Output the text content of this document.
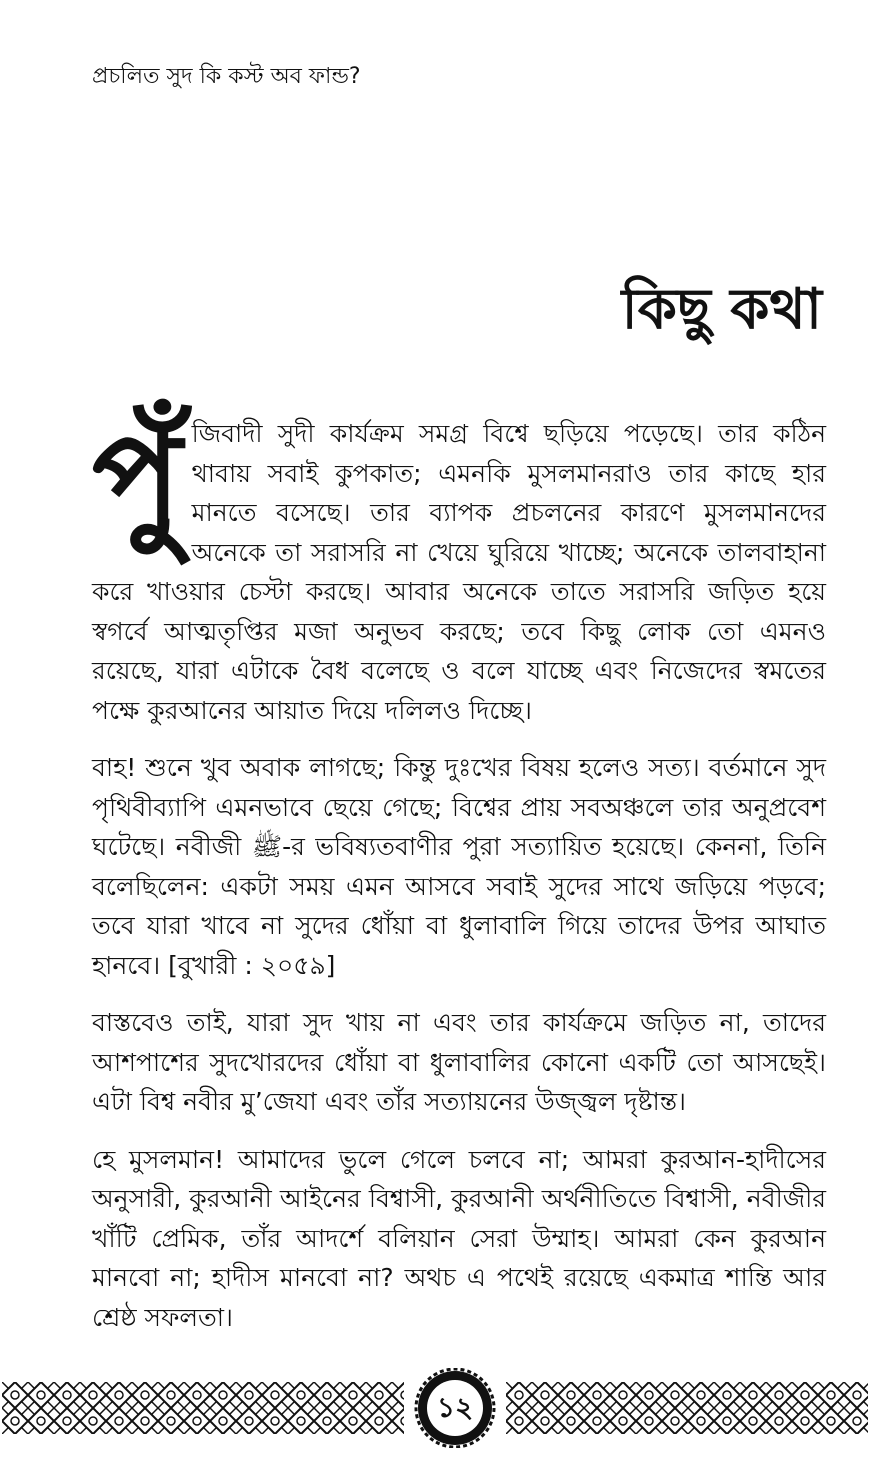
প্রচলিত সুদ কি কস্ট অব ফান্ড?
কিছু কথা

পুঁজিবাদী সুদী কার্যক্রম সমগ্র বিশ্বে ছড়িয়ে পড়েছে। তার কঠিন থাবায় সবাই কুপকাত; এমনকি মুসলমানরাও তার কাছে হার মানতে বসেছে। তার ব্যাপক প্রচলনের কারণে মুসলমানদের অনেকে তা সরাসরি না খেয়ে ঘুরিয়ে খাচ্ছে; অনেকে তালবাহানা করে খাওয়ার চেস্টা করছে। আবার অনেকে তাতে সরাসরি জড়িত হয়ে স্বগর্বে আত্মতৃপ্তির মজা অনুভব করছে; তবে কিছু লোক তো এমনও রয়েছে, যারা এটাকে বৈধ বলেছে ও বলে যাচ্ছে এবং নিজেদের স্বমতের পক্ষে কুরআনের আয়াত দিয়ে দলিলও দিচ্ছে।

বাহ! শুনে খুব অবাক লাগছে; কিন্তু দুঃখের বিষয় হলেও সত্য। বর্তমানে সুদ পৃথিবীব্যাপি এমনভাবে ছেয়ে গেছে; বিশ্বের প্রায় সবঅঞ্চলে তার অনুপ্রবেশ ঘটেছে। নবীজী ﷺ-র ভবিষ্যতবাণীর পুরা সত্যায়িত হয়েছে। কেননা, তিনি বলেছিলেন: একটা সময় এমন আসবে সবাই সুদের সাথে জড়িয়ে পড়বে; তবে যারা খাবে না সুদের ধোঁয়া বা ধুলাবালি গিয়ে তাদের উপর আঘাত হানবে। [বুখারী : ২০৫৯]

বাস্তবেও তাই, যারা সুদ খায় না এবং তার কার্যক্রমে জড়িত না, তাদের আশপাশের সুদখোরদের ধোঁয়া বা ধুলাবালির কোনো একটি তো আসছেই। এটা বিশ্ব নবীর মু’জেযা এবং তাঁর সত্যায়নের উজ্জ্বল দৃষ্টান্ত।

হে মুসলমান! আমাদের ভুলে গেলে চলবে না; আমরা কুরআন-হাদীসের অনুসারী, কুরআনী আইনের বিশ্বাসী, কুরআনী অর্থনীতিতে বিশ্বাসী, নবীজীর খাঁটি প্রেমিক, তাঁর আদর্শে বলিয়ান সেরা উম্মাহ। আমরা কেন কুরআন মানবো না; হাদীস মানবো না? অথচ এ পথেই রয়েছে একমাত্র শান্তি আর শ্রেষ্ঠ সফলতা।

১২
